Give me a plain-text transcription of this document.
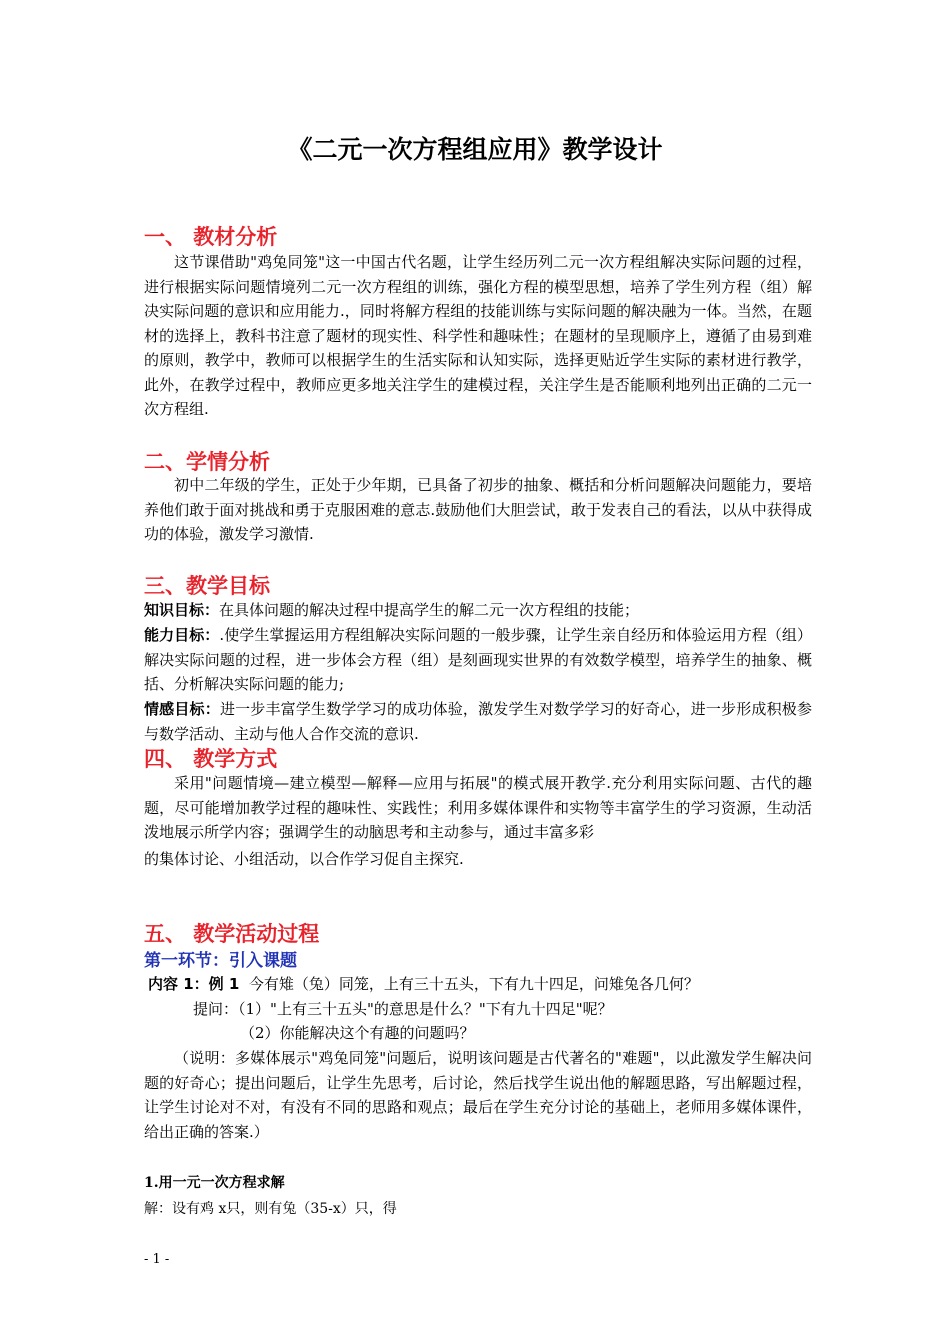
《二元一次方程组应用》教学设计
一、 教材分析

这节课借助"鸡兔同笼"这一中国古代名题，让学生经历列二元一次方程组解决实际问题的过程，进行根据实际问题情境列二元一次方程组的训练，强化方程的模型思想，培养了学生列方程（组）解决实际问题的意识和应用能力.，同时将解方程组的技能训练与实际问题的解决融为一体。当然，在题材的选择上，教科书注意了题材的现实性、科学性和趣味性；在题材的呈现顺序上，遵循了由易到难的原则，教学中，教师可以根据学生的生活实际和认知实际，选择更贴近学生实际的素材进行教学，此外，在教学过程中，教师应更多地关注学生的建模过程，关注学生是否能顺利地列出正确的二元一次方程组.

二、学情分析

初中二年级的学生，正处于少年期，已具备了初步的抽象、概括和分析问题解决问题能力，要培养他们敢于面对挑战和勇于克服困难的意志.鼓励他们大胆尝试，敢于发表自己的看法，以从中获得成功的体验，激发学习激情.

三、教学目标

知识目标：在具体问题的解决过程中提高学生的解二元一次方程组的技能；

能力目标：.使学生掌握运用方程组解决实际问题的一般步骤，让学生亲自经历和体验运用方程（组）解决实际问题的过程，进一步体会方程（组）是刻画现实世界的有效数学模型，培养学生的抽象、概括、分析解决实际问题的能力;

情感目标：进一步丰富学生数学学习的成功体验，激发学生对数学学习的好奇心，进一步形成积极参与数学活动、主动与他人合作交流的意识.

四、 教学方式

采用"问题情境—建立模型—解释—应用与拓展"的模式展开教学.充分利用实际问题、古代的趣题，尽可能增加教学过程的趣味性、实践性；利用多媒体课件和实物等丰富学生的学习资源，生动活泼地展示所学内容；强调学生的动脑思考和主动参与，通过丰富多彩

的集体讨论、小组活动，以合作学习促自主探究.

五、 教学活动过程
第一环节：引入课题

内容 1：例 1 今有雉（兔）同笼，上有三十五头，下有九十四足，问雉兔各几何？

提问：（1）"上有三十五头"的意思是什么？"下有九十四足"呢？

（2）你能解决这个有趣的问题吗？

（说明：多媒体展示"鸡兔同笼"问题后，说明该问题是古代著名的"难题"，以此激发学生解决问题的好奇心；提出问题后，让学生先思考，后讨论，然后找学生说出他的解题思路，写出解题过程，让学生讨论对不对，有没有不同的思路和观点；最后在学生充分讨论的基础上，老师用多媒体课件，给出正确的答案.）

1.用一元一次方程求解

解：设有鸡 x只，则有兔（35-x）只，得

- 1 -
